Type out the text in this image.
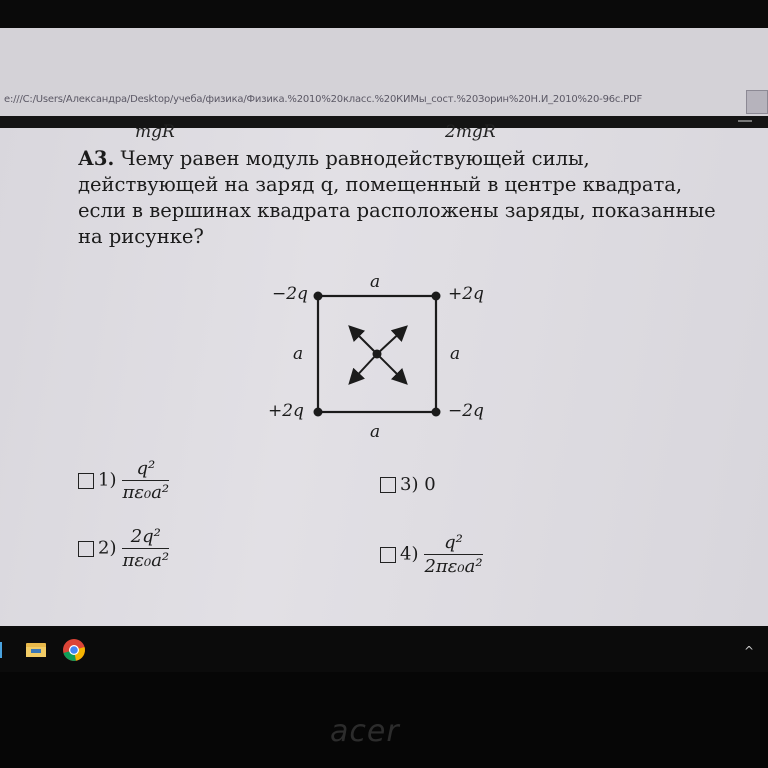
e:///C:/Users/Александра/Desktop/учеба/физика/Физика.%2010%20класс.%20КИМы_сост.%20Зорин%20Н.И_2010%20-96с.PDF
mgR	2mgR
А3. Чему равен модуль равнодействующей силы, действующей на заряд q, помещенный в центре квадрата, если в вершинах квадрата расположены заряды, показанные на рисунке?
a
a	a
a
−2q	+2q
+2q	−2q
$1) \frac{\text{q²}}{\text{πε₀a²}}$
$2) \frac{\text{2q²}}{\text{πε₀a²}}$
3) 0
$4) \frac{\text{q²}}{\text{2πε₀a²}}$
^
acer
